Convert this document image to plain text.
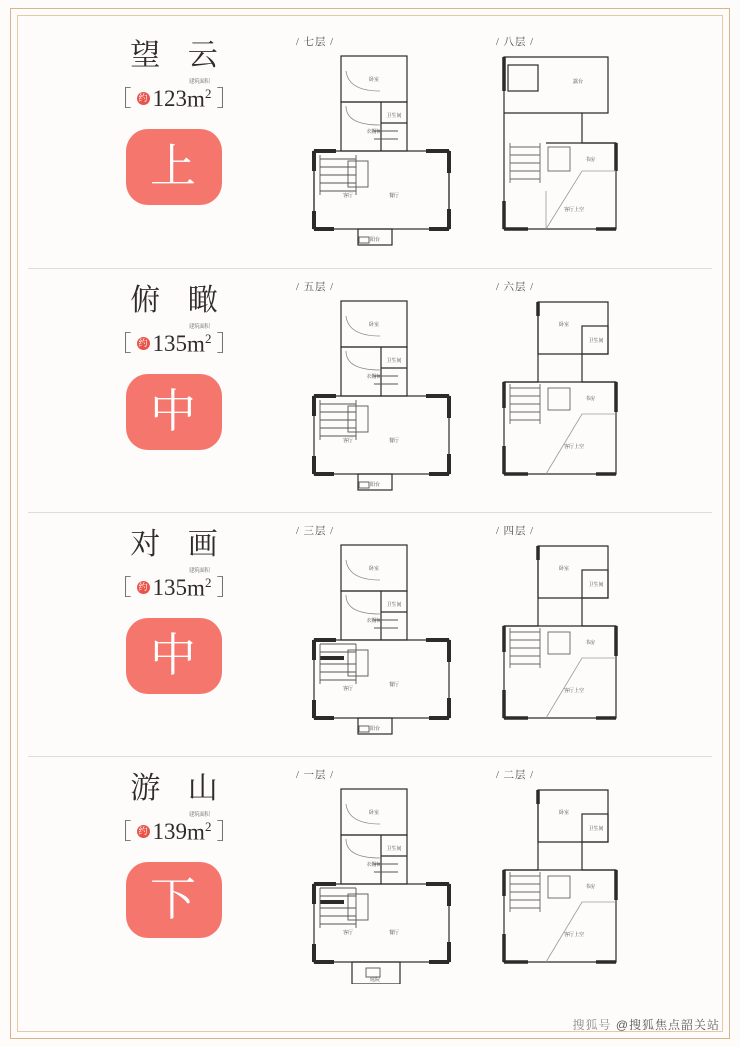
望 云
［ 约 123
建筑面积
$m^2$ ］
上
/ 七层 /
卧室
卫生间
衣帽间
客厅	餐厅
阳台
/ 八层 /
露台
书房
客厅上空
俯 瞰
［ 约 135
建筑面积
$m^2$ ］
中
/ 五层 /
卧室
卫生间
衣帽间
客厅	餐厅
阳台
/ 六层 /
卧室
卫生间
书房
客厅上空
对 画
［ 约 135
建筑面积
$m^2$ ］
中
/ 三层 /
卧室
卫生间
衣帽间
客厅
餐厅
阳台
/ 四层 /
卧室
卫生间
书房
客厅上空
游 山
［ 约 139
建筑面积
$m^2$ ］
下
/ 一层 /
卧室
卫生间
衣帽间
客厅	餐厅
庭院
/ 二层 /
卧室
卫生间
书房
客厅上空
搜狐号 @搜狐焦点韶关站
